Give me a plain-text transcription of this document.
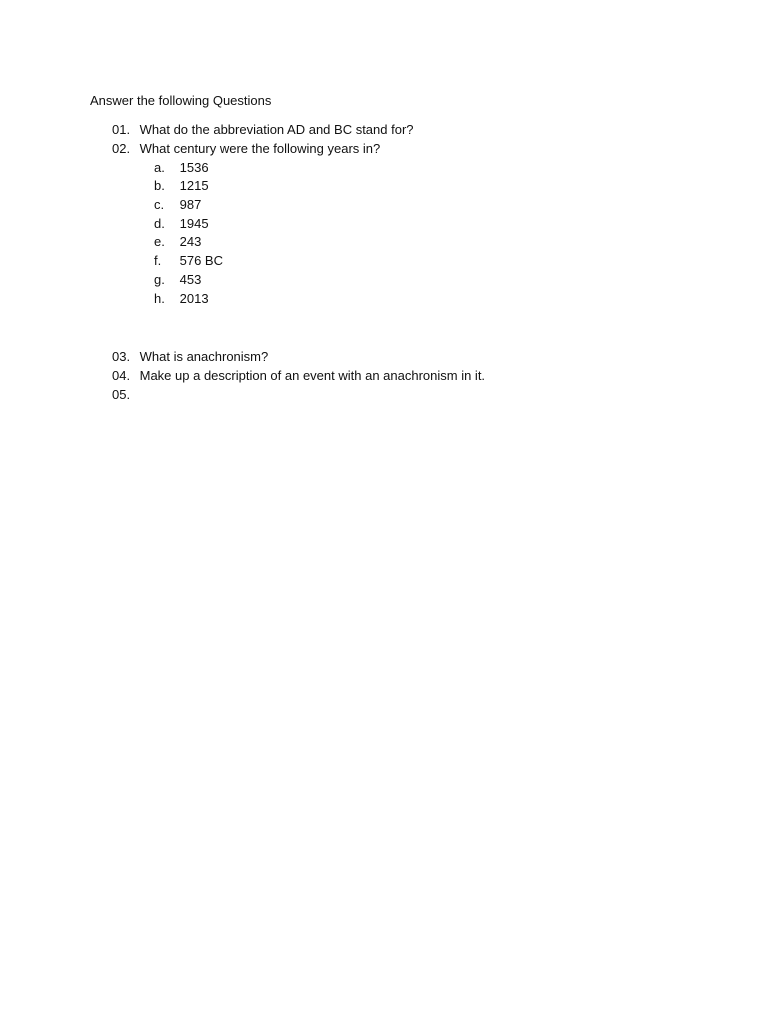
Answer the following Questions
01. What do the abbreviation AD and BC stand for?
02. What century were the following years in?
a. 1536
b. 1215
c. 987
d. 1945
e. 243
f. 576 BC
g. 453
h. 2013
03. What is anachronism?
04. Make up a description of an event with an anachronism in it.
05.
